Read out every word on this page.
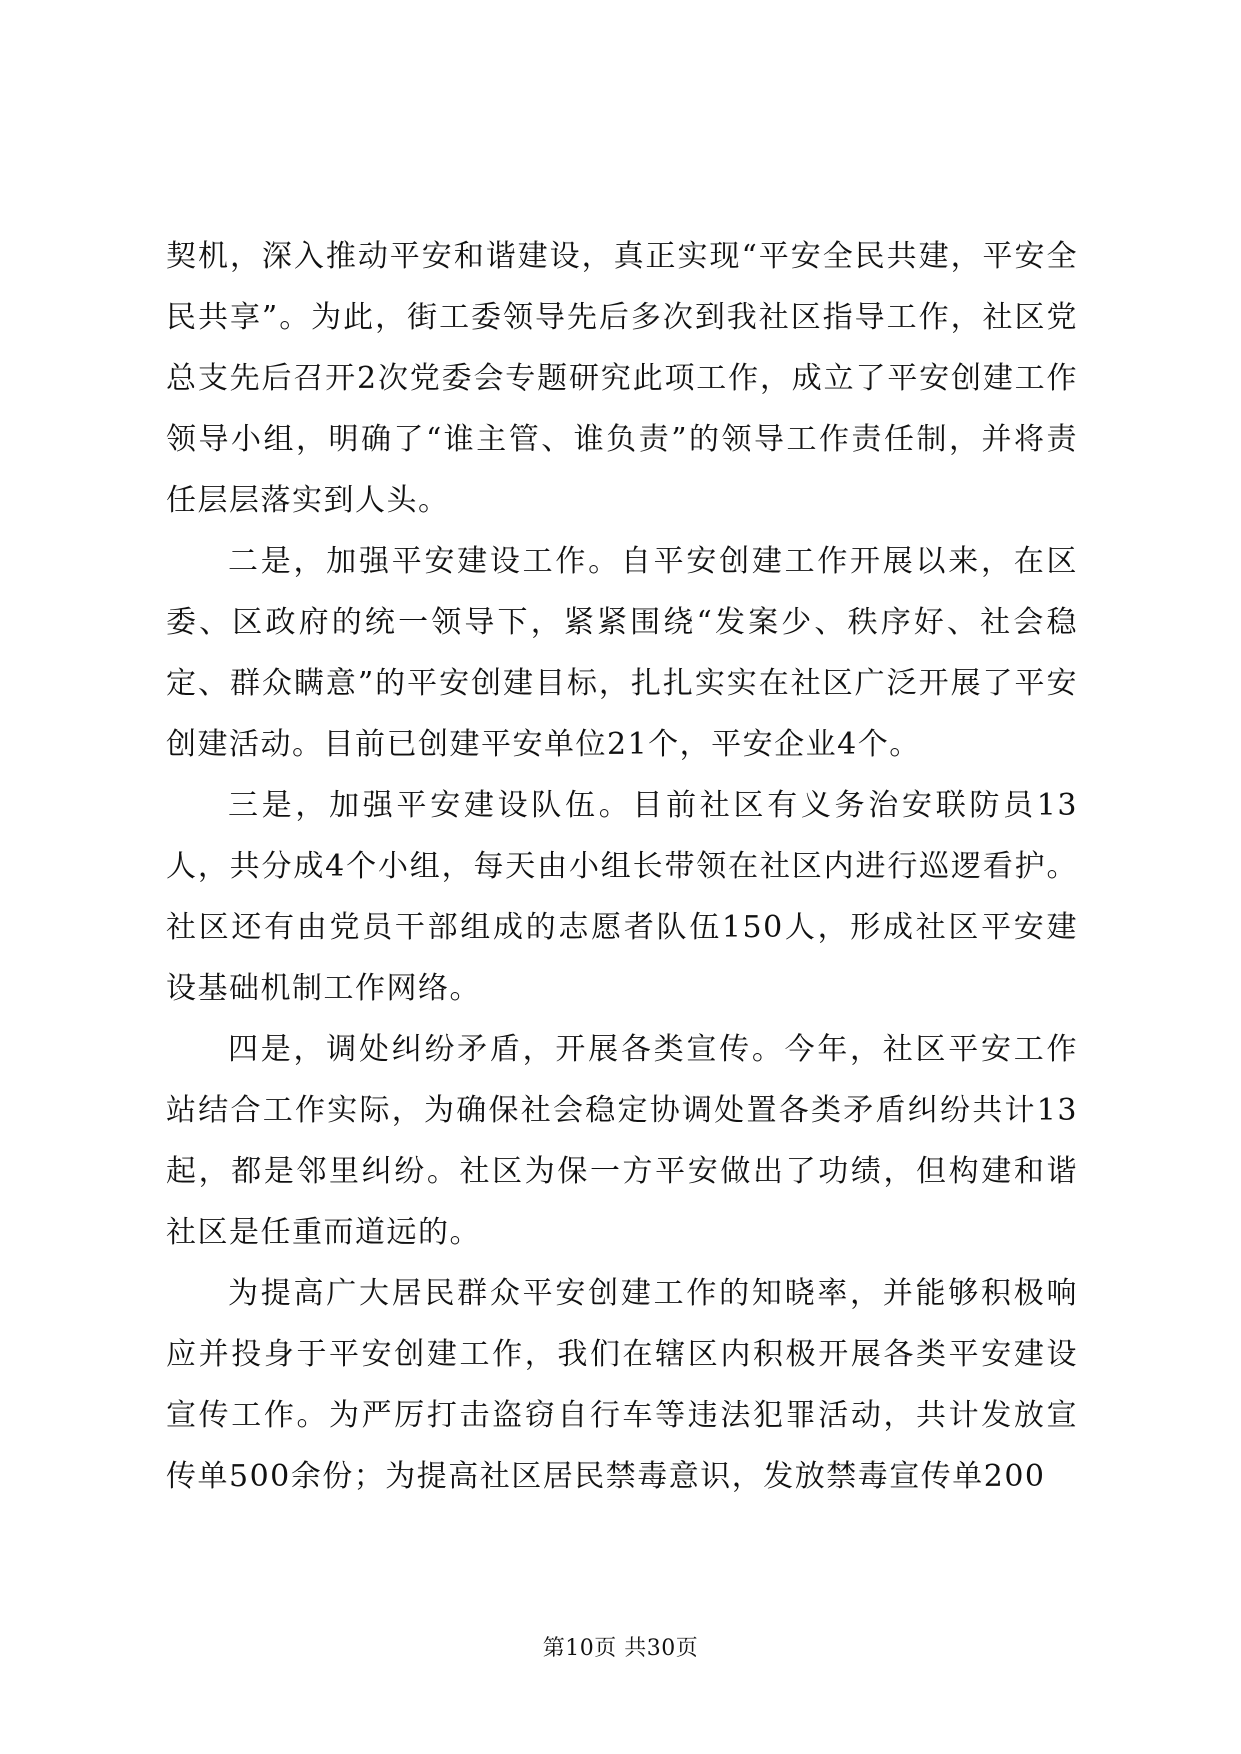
契机，深入推动平安和谐建设，真正实现“平安全民共建，平安全民共享”。为此，街工委领导先后多次到我社区指导工作，社区党总支先后召开2次党委会专题研究此项工作，成立了平安创建工作领导小组，明确了“谁主管、谁负责”的领导工作责任制，并将责任层层落实到人头。

二是，加强平安建设工作。自平安创建工作开展以来，在区委、区政府的统一领导下，紧紧围绕“发案少、秩序好、社会稳定、群众瞒意”的平安创建目标，扎扎实实在社区广泛开展了平安创建活动。目前已创建平安单位21个，平安企业4个。

三是，加强平安建设队伍。目前社区有义务治安联防员13人，共分成4个小组，每天由小组长带领在社区内进行巡逻看护。社区还有由党员干部组成的志愿者队伍150人，形成社区平安建设基础机制工作网络。

四是，调处纠纷矛盾，开展各类宣传。今年，社区平安工作站结合工作实际，为确保社会稳定协调处置各类矛盾纠纷共计13起，都是邻里纠纷。社区为保一方平安做出了功绩，但构建和谐社区是任重而道远的。

为提高广大居民群众平安创建工作的知晓率，并能够积极响应并投身于平安创建工作，我们在辖区内积极开展各类平安建设宣传工作。为严厉打击盗窃自行车等违法犯罪活动，共计发放宣传单500余份；为提高社区居民禁毒意识，发放禁毒宣传单200

第10页 共30页
